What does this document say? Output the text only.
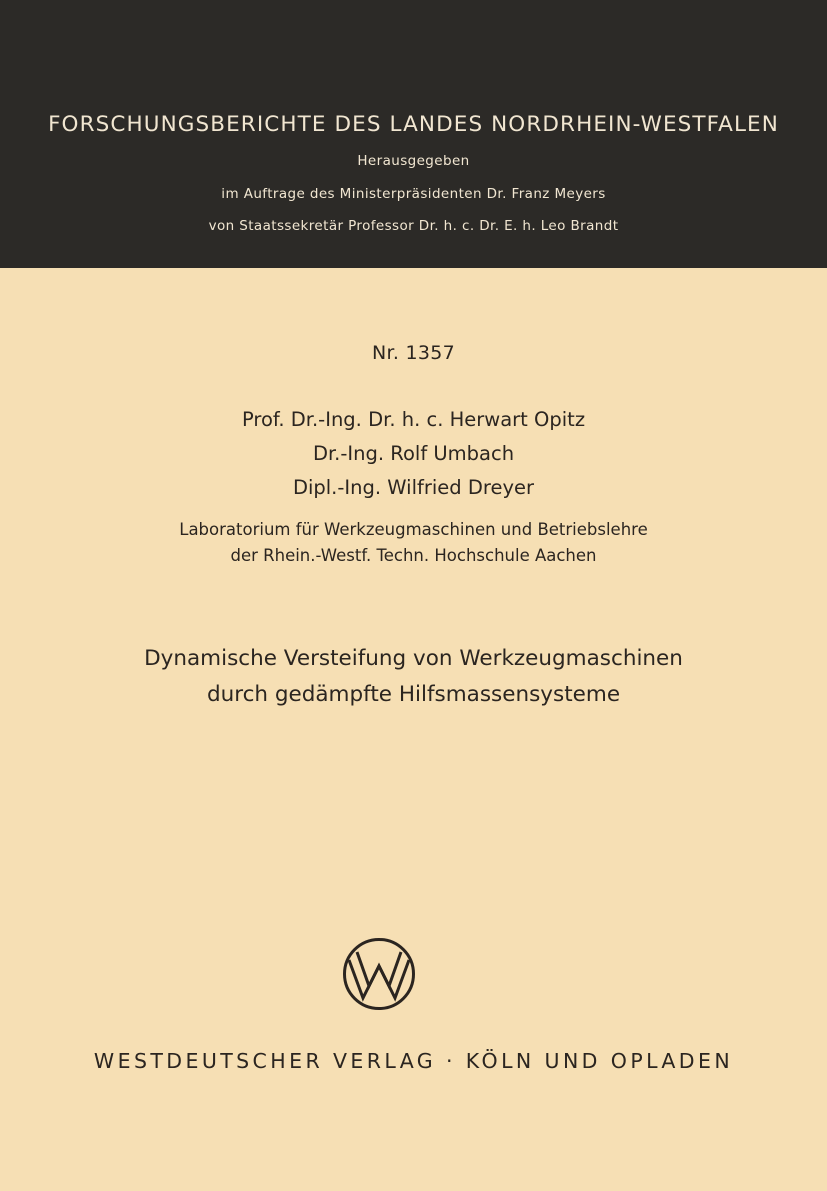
FORSCHUNGSBERICHTE DES LANDES NORDRHEIN-WESTFALEN
Herausgegeben
im Auftrage des Ministerpräsidenten Dr. Franz Meyers
von Staatssekretär Professor Dr. h. c. Dr. E. h. Leo Brandt
Nr. 1357
Prof. Dr.-Ing. Dr. h. c. Herwart Opitz
Dr.-Ing. Rolf Umbach
Dipl.-Ing. Wilfried Dreyer
Laboratorium für Werkzeugmaschinen und Betriebslehre
der Rhein.-Westf. Techn. Hochschule Aachen
Dynamische Versteifung von Werkzeugmaschinen
durch gedämpfte Hilfsmassensysteme
WESTDEUTSCHER VERLAG · KÖLN UND OPLADEN
